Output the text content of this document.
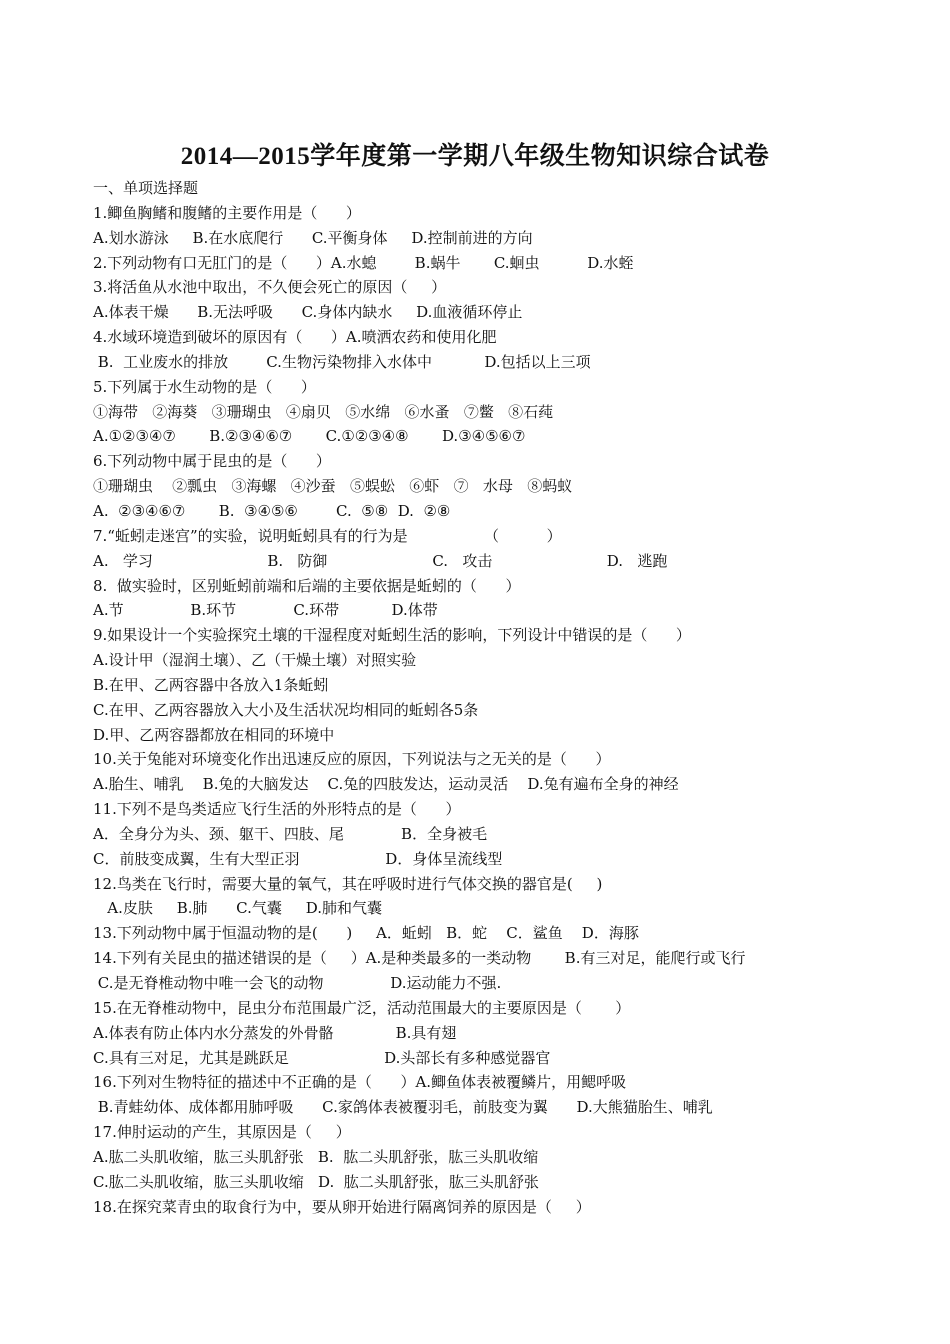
2014—2015学年度第一学期八年级生物知识综合试卷
一、单项选择题
1.鲫鱼胸鳍和腹鳍的主要作用是（      ）
A.划水游泳     B.在水底爬行      C.平衡身体     D.控制前进的方向
2.下列动物有口无肛门的是（      ）A.水螅        B.蜗牛       C.蛔虫          D.水蛭
3.将活鱼从水池中取出，不久便会死亡的原因（     ）
A.体表干燥      B.无法呼吸      C.身体内缺水     D.血液循环停止
4.水域环境造到破坏的原因有（      ）A.喷洒农药和使用化肥
B.  工业废水的排放        C.生物污染物排入水体中           D.包括以上三项
5.下列属于水生动物的是（      ）
①海带   ②海葵   ③珊瑚虫   ④扇贝   ⑤水绵   ⑥水蚤   ⑦鳖   ⑧石莼
A.①②③④⑦       B.②③④⑥⑦       C.①②③④⑧       D.③④⑤⑥⑦
6.下列动物中属于昆虫的是（      ）
①珊瑚虫    ②瓢虫   ③海螺   ④沙蚕   ⑤蜈蚣   ⑥虾   ⑦   水母   ⑧蚂蚁
A.  ②③④⑥⑦       B.  ③④⑤⑥        C.  ⑤⑧  D.  ②⑧
7.“蚯蚓走迷宫”的实验，说明蚯蚓具有的行为是                （          ）
A.   学习                        B.   防御                      C.   攻击                        D.   逃跑
8.  做实验时，区别蚯蚓前端和后端的主要依据是蚯蚓的（      ）
A.节              B.环节            C.环带           D.体带
9.如果设计一个实验探究土壤的干湿程度对蚯蚓生活的影响，下列设计中错误的是（      ）
A.设计甲（湿润土壤）、乙（干燥土壤）对照实验
B.在甲、乙两容器中各放入1条蚯蚓
C.在甲、乙两容器放入大小及生活状况均相同的蚯蚓各5条
D.甲、乙两容器都放在相同的环境中
10.关于兔能对环境变化作出迅速反应的原因，下列说法与之无关的是（      ）
A.胎生、哺乳    B.兔的大脑发达    C.兔的四肢发达，运动灵活    D.兔有遍布全身的神经
11.下列不是鸟类适应飞行生活的外形特点的是（      ）
A．全身分为头、颈、躯干、四肢、尾            B．全身被毛
C．前肢变成翼，生有大型正羽                  D．身体呈流线型
12.鸟类在飞行时，需要大量的氧气，其在呼吸时进行气体交换的器官是(     )
A.皮肤     B.肺      C.气囊     D.肺和气囊
13.下列动物中属于恒温动物的是(      )     A．蚯蚓   B．蛇    C．鲨鱼    D．海豚
14.下列有关昆虫的描述错误的是（     ）A.是种类最多的一类动物       B.有三对足，能爬行或飞行
C.是无脊椎动物中唯一会飞的动物              D.运动能力不强.
15.在无脊椎动物中，昆虫分布范围最广泛，活动范围最大的主要原因是（       ）
A.体表有防止体内水分蒸发的外骨骼             B.具有翅
C.具有三对足，尤其是跳跃足                    D.头部长有多种感觉器官
16.下列对生物特征的描述中不正确的是（      ）A.鲫鱼体表被覆鳞片，用鳃呼吸
B.青蛙幼体、成体都用肺呼吸      C.家鸽体表被覆羽毛，前肢变为翼      D.大熊猫胎生、哺乳
17.伸肘运动的产生，其原因是（     ）
A.肱二头肌收缩，肱三头肌舒张   B.  肱二头肌舒张，肱三头肌收缩
C.肱二头肌收缩，肱三头肌收缩   D.  肱二头肌舒张，肱三头肌舒张
18.在探究菜青虫的取食行为中，要从卵开始进行隔离饲养的原因是（     ）
